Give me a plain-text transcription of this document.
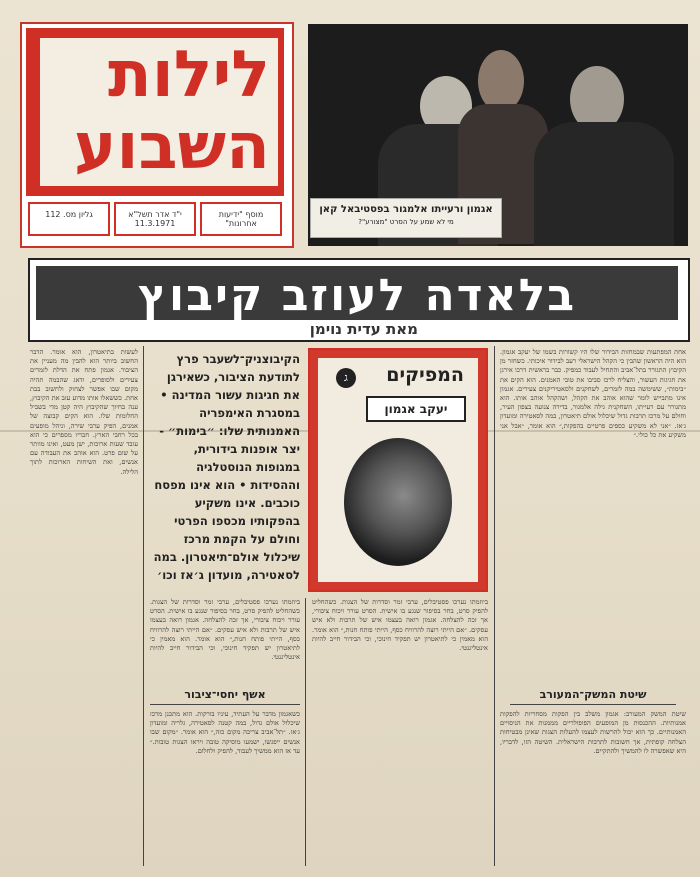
לילות
השבוע
מוסף "ידיעות אחרונות"
י"ד אדר תשל"א 11.3.1971
גליון מס. 112	אגמון ורעייתו אלמגור בפסטיבאל קאן
מי לא שמע על הסרט "מצורע"?
בלאדה לעוזב קיבוץ
מאת עדית נוימן
המפיקים
ג
יעקב אגמון
הקיבוצניק־לשעבר פרץ לתודעת הציבור, כשאירגן את חגיגות עשור המדינה • במסגרת האימפריה האמנותית שלו: ״בימות״ - יצר אופנות בידורית, במגופות הנוסטלגיה וההסידות • הוא אינו מפסח כוכבים. אינו משקיע בהפקותיו מכספו הפרטי וחולם על הקמת מרכז שיכלול אולם־תיאטרון. במה לסאטירה, מועדון ג׳אז וכו׳
אחת המפתעות שבמחזות הבידור שלו היו קשורות בשמו של יעקב אגמון. הוא היה הראשון שהבין כי הקהל הישראלי רעב לבידור איכותי. כשחזר מן הקיבוץ התגורר בתל־אביב והתחיל לעבוד כמפיק. כבר בראשית דרכו אירגן את חגיגות העשור, והצליח לרכז סביבו את טובי האמנים. הוא הקים את ״בימות״, ששימשה במה לזמרים, לשחקנים ולסאטיריקנים צעירים. אגמון אינו מתבייש לומר שהוא אוהב את הקהל, ושהקהל אוהב אותו. הוא מתגורר עם רעייתו, השחקנית גילה אלמגור, בדירה צנועה בצפון העיר, וחולם על מרכז תרבות גדול שיכלול אולם תיאטרון, במה לסאטירה ומועדון ג׳אז. ״אני לא משקיע כספים פרטיים בהפקות,״ הוא אומר, ״אבל אני משקיע את כל כולי.״
לעשות בתיאטרון, הוא אומר. הדבר החשוב ביותר הוא להבין מה מעניין את הציבור. אגמון פתח את הדלת לזמרים צעירים ולסופרים, ודאג שהבמה תהיה מקום שבו אפשר לצחוק ולחשוב בבת אחת. כששאלו אותו מדוע עזב את הקיבוץ, ענה בחיוך שהקיבוץ היה קטן מדי בשביל החלומות שלו. הוא הקים קבוצה של אמנים, הפיק ערבי שירה, וניהל מופעים בכל רחבי הארץ. חבריו מספרים כי הוא עובד שעות ארוכות, ישן מעט, ואינו מוותר על שום פרט. הוא אוהב את העבודה עם אנשים, ואת השיחות הארוכות לתוך הלילה.
ביוזמתו נערכו פסטיבלים, ערבי זמר וסדרות של הצגות. כשהחליט להפיק סרט, בחר בסיפור שנגע בו אישית. הסרט עורר ויכוח ציבורי, אך זכה להצלחה. אגמון רואה בעצמו איש של תרבות ולא איש עסקים. ״אם הייתי רוצה להרוויח כסף, הייתי פותח חנות,״ הוא אומר. הוא מאמין כי לתיאטרון יש תפקיד חינוכי, וכי הבידור חייב להיות אינטליגנטי.
אשף יחסי־ציבור
כשאגמון מדבר על העתיד, עיניו בורקות. הוא מתכנן מרכז שיכלול אולם גדול, במה קטנה לסאטירה, גלריה ומועדון ג׳אז. ״תל־אביב צריכה מקום כזה,״ הוא אומר. ״מקום שבו אנשים ייפגשו, ישמעו מוסיקה טובה ויראו הצגות טובות.״ עד אז הוא ממשיך לעבוד, להפיק ולחלום.
ביוזמתו נערכו פסטיבלים, ערבי זמר וסדרות של הצגות. כשהחליט להפיק סרט, בחר בסיפור שנגע בו אישית. הסרט עורר ויכוח ציבורי, אך זכה להצלחה. אגמון רואה בעצמו איש של תרבות ולא איש עסקים. ״אם הייתי רוצה להרוויח כסף, הייתי פותח חנות,״ הוא אומר. הוא מאמין כי לתיאטרון יש תפקיד חינוכי, וכי הבידור חייב להיות אינטליגנטי.
שיטת המשק־המעורב
שיטת המשק המעורב: אגמון משלב בין הפקות מסחריות להפקות אמנותיות. ההכנסות מן המופעים הפופולריים מממנות את הניסויים האמנותיים. כך הוא יכול להרשות לעצמו להעלות הצגות שאינן מבטיחות הצלחה קופתית, אך חשובות לתרבות הישראלית. השיטה הזו, לדבריו, היא שאפשרה לו להמשיך ולהתקיים.
